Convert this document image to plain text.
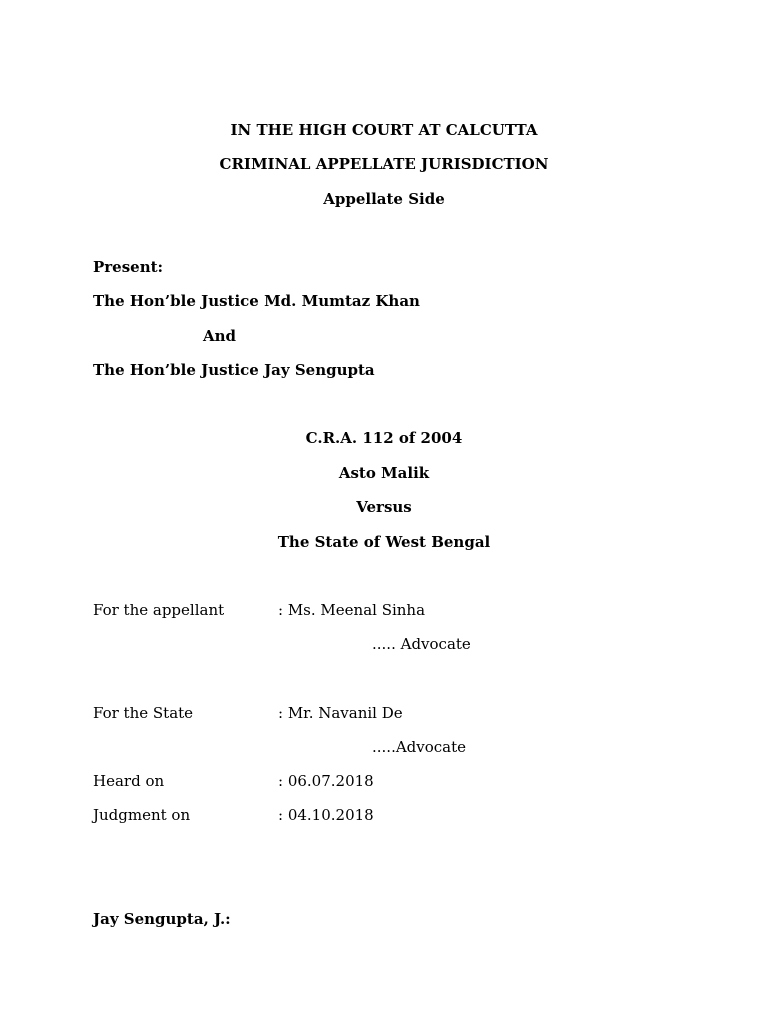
IN THE HIGH COURT AT CALCUTTA
CRIMINAL APPELLATE JURISDICTION
Appellate Side
Present:
The Hon’ble Justice Md. Mumtaz Khan
And
The Hon’ble Justice Jay Sengupta
C.R.A. 112 of 2004
Asto Malik
Versus
The State of West Bengal
For the appellant	: Ms. Meenal Sinha
..... Advocate
For the State	: Mr. Navanil De
.....Advocate
Heard on	: 06.07.2018
Judgment on	: 04.10.2018
Jay Sengupta, J.:
